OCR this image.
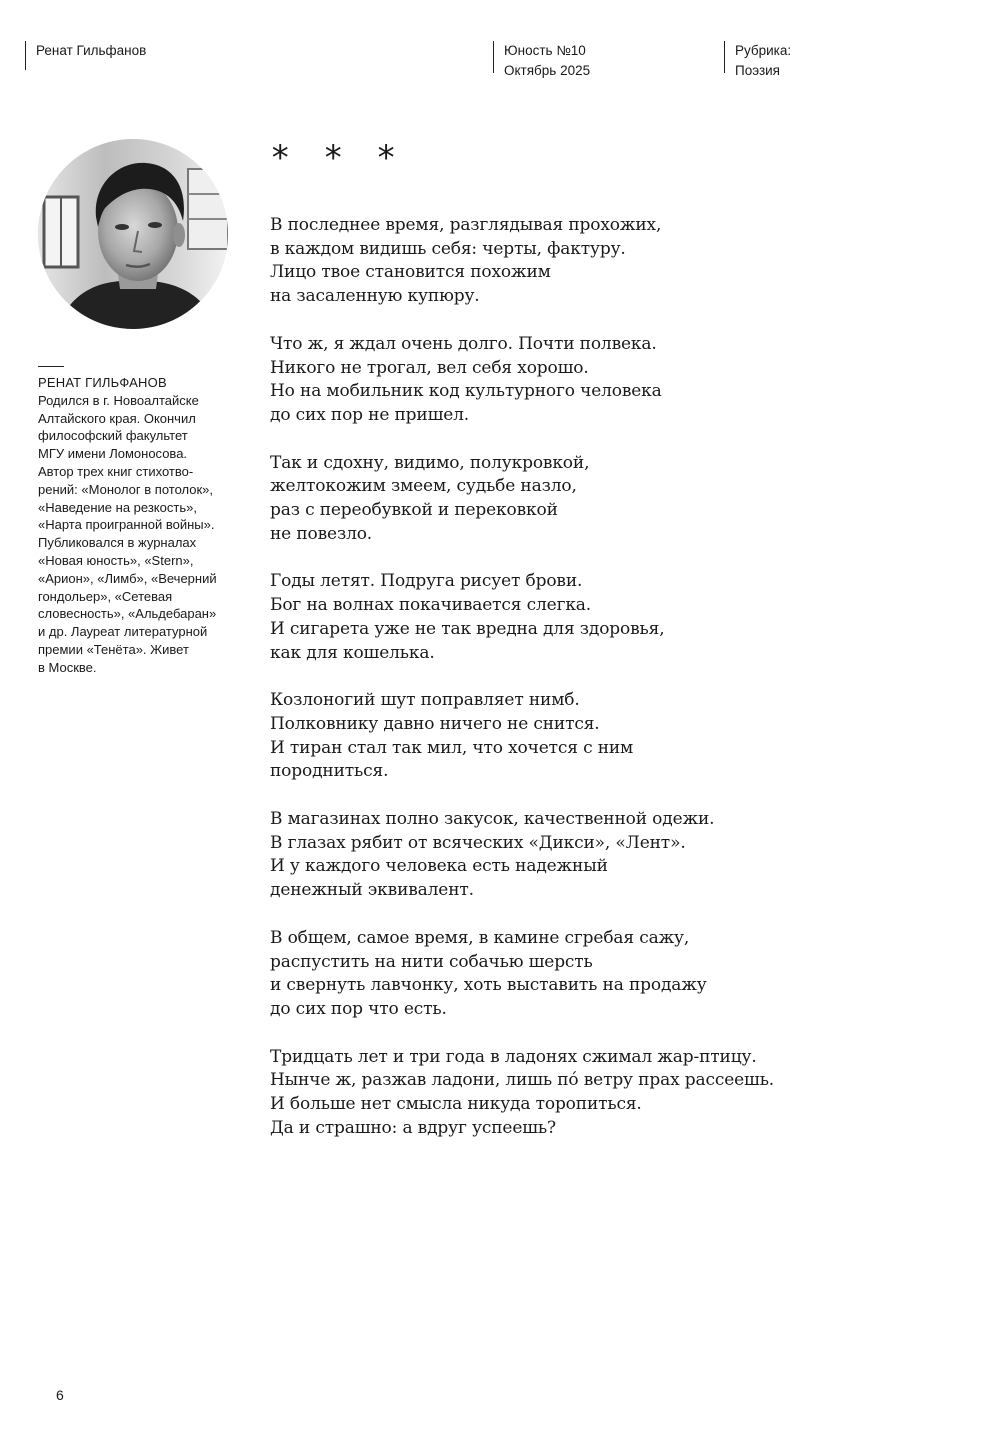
Ренат Гильфанов	Юность №10
Октябрь 2025
Рубрика:
Поэзия
РЕНАТ ГИЛЬФАНОВ
Родился в г. Новоалтайске
Алтайского края. Окончил
философский факультет
МГУ имени Ломоносова.
Автор трех книг стихотво-
рений: «Монолог в потолок»,
«Наведение на резкость»,
«Нарта проигранной войны».
Публиковался в журналах
«Новая юность», «Stern»,
«Арион», «Лимб», «Вечерний
гондольер», «Сетевая
словесность», «Альдебаран»
и др. Лауреат литературной
премии «Тенёта». Живет
в Москве.
* * *
В последнее время, разглядывая прохожих,
в каждом видишь себя: черты, фактуру.
Лицо твое становится похожим
на засаленную купюру.
Что ж, я ждал очень долго. Почти полвека.
Никого не трогал, вел себя хорошо.
Но на мобильник код культурного человека
до сих пор не пришел.
Так и сдохну, видимо, полукровкой,
желтокожим змеем, судьбе назло,
раз с переобувкой и перековкой
не повезло.
Годы летят. Подруга рисует брови.
Бог на волнах покачивается слегка.
И сигарета уже не так вредна для здоровья,
как для кошелька.
Козлоногий шут поправляет нимб.
Полковнику давно ничего не снится.
И тиран стал так мил, что хочется с ним
породниться.
В магазинах полно закусок, качественной одежи.
В глазах рябит от всяческих «Дикси», «Лент».
И у каждого человека есть надежный
денежный эквивалент.
В общем, самое время, в камине сгребая сажу,
распустить на нити собачью шерсть
и свернуть лавчонку, хоть выставить на продажу
до сих пор что есть.
Тридцать лет и три года в ладонях сжимал жар-птицу.
Нынче ж, разжав ладони, лишь пó ветру прах рассеешь.
И больше нет смысла никуда торопиться.
Да и страшно: а вдруг успеешь?
6
